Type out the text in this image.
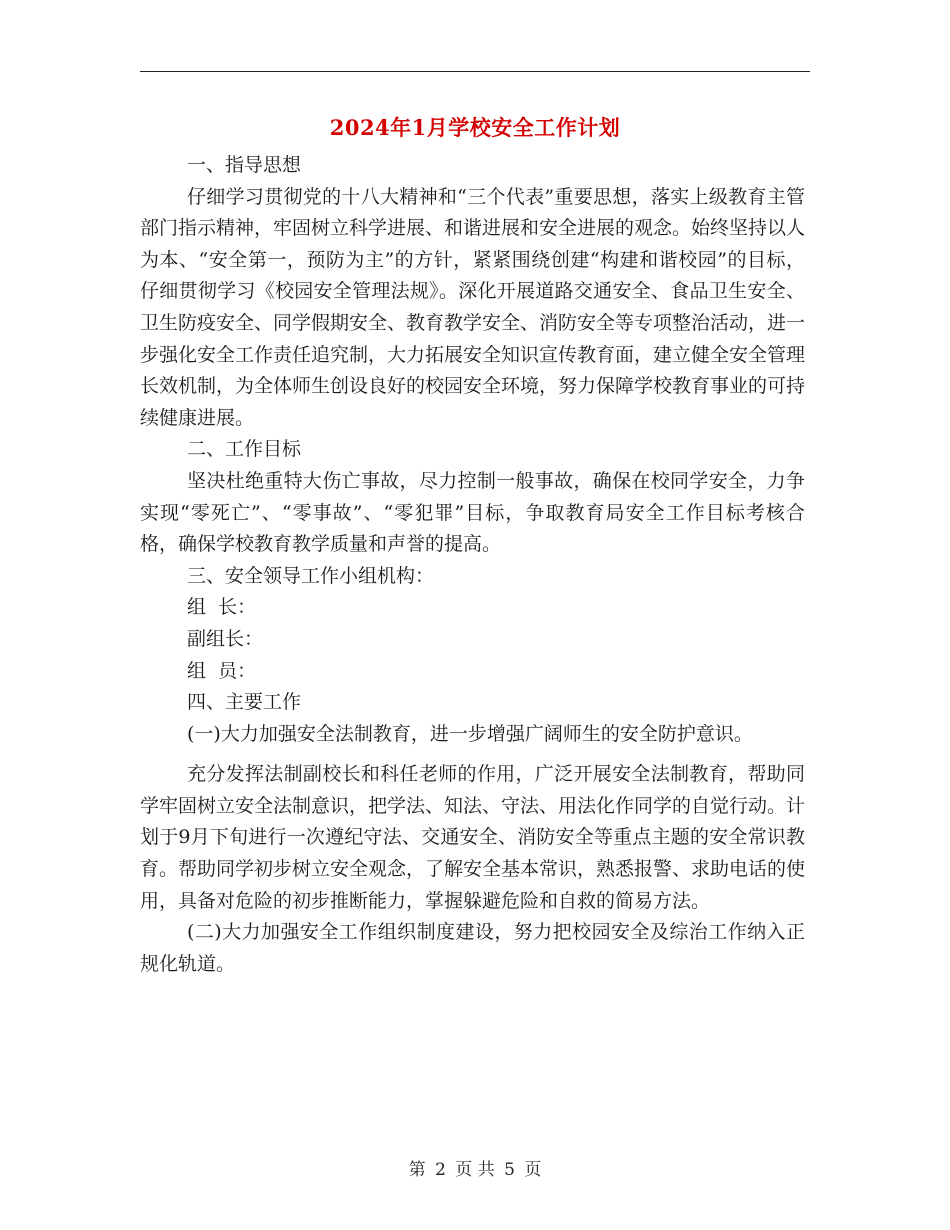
2024年1月学校安全工作计划

一、指导思想

仔细学习贯彻党的十八大精神和“三个代表”重要思想，落实上级教育主管部门指示精神，牢固树立科学进展、和谐进展和安全进展的观念。始终坚持以人为本、“安全第一，预防为主”的方针，紧紧围绕创建“构建和谐校园”的目标，仔细贯彻学习《校园安全管理法规》。深化开展道路交通安全、食品卫生安全、卫生防疫安全、同学假期安全、教育教学安全、消防安全等专项整治活动，进一步强化安全工作责任追究制，大力拓展安全知识宣传教育面，建立健全安全管理长效机制，为全体师生创设良好的校园安全环境，努力保障学校教育事业的可持续健康进展。

二、工作目标

坚决杜绝重特大伤亡事故，尽力控制一般事故，确保在校同学安全，力争实现“零死亡”、“零事故”、“零犯罪”目标，争取教育局安全工作目标考核合格，确保学校教育教学质量和声誉的提高。

三、安全领导工作小组机构：

组  长：

副组长：

组  员：

四、主要工作

(一)大力加强安全法制教育，进一步增强广阔师生的安全防护意识。

充分发挥法制副校长和科任老师的作用，广泛开展安全法制教育，帮助同学牢固树立安全法制意识，把学法、知法、守法、用法化作同学的自觉行动。计划于9月下旬进行一次遵纪守法、交通安全、消防安全等重点主题的安全常识教育。帮助同学初步树立安全观念，了解安全基本常识，熟悉报警、求助电话的使用，具备对危险的初步推断能力，掌握躲避危险和自救的简易方法。

(二)大力加强安全工作组织制度建设，努力把校园安全及综治工作纳入正规化轨道。

第 2 页 共 5 页
